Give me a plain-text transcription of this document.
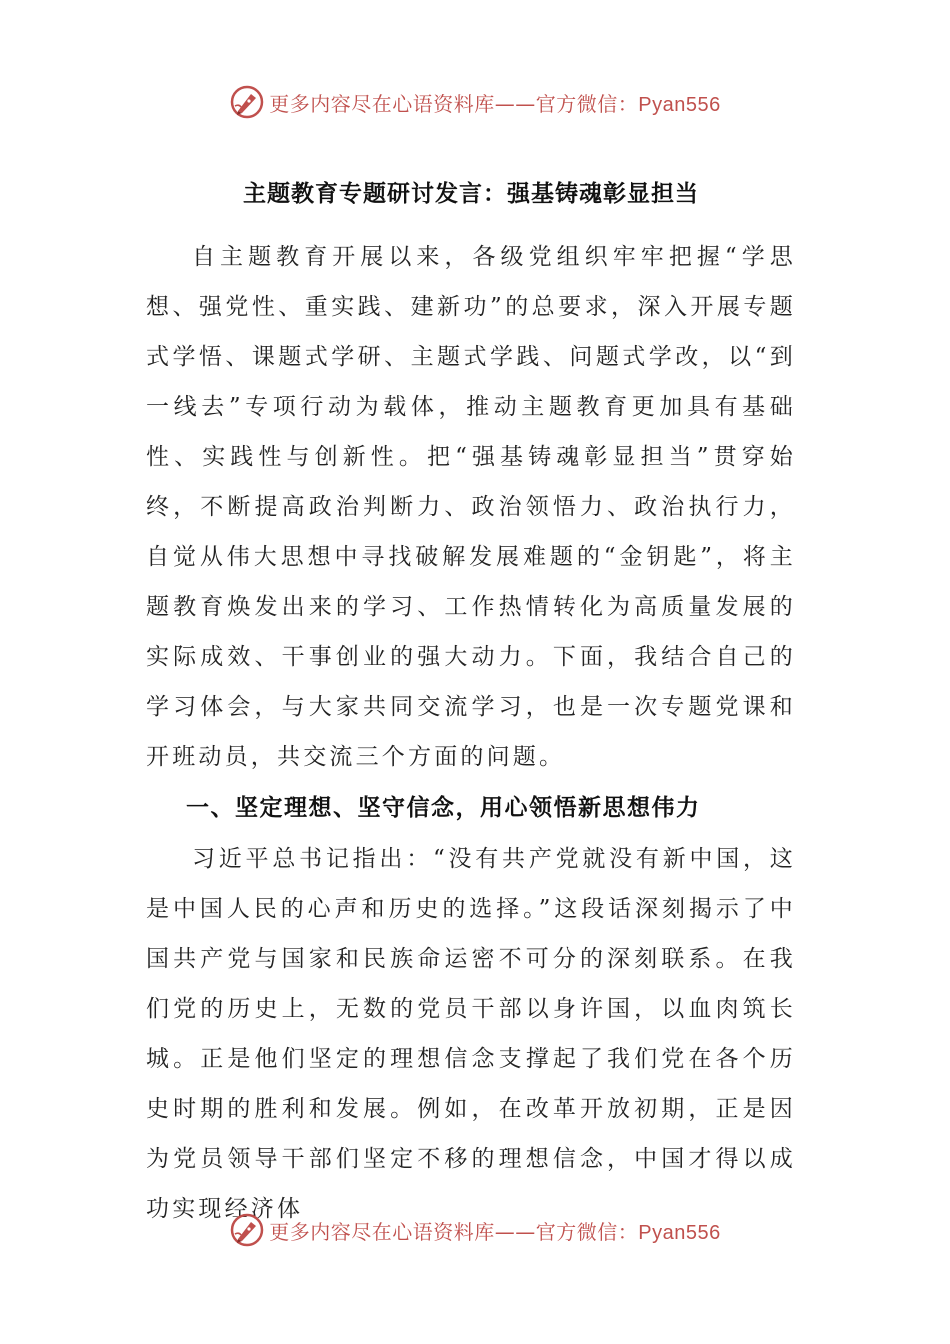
更多内容尽在心语资料库——官方微信：Pyan556
主题教育专题研讨发言：强基铸魂彰显担当

自主题教育开展以来，各级党组织牢牢把握“学思想、强党性、重实践、建新功”的总要求，深入开展专题式学悟、课题式学研、主题式学践、问题式学改，以“到一线去”专项行动为载体，推动主题教育更加具有基础性、实践性与创新性。把“强基铸魂彰显担当”贯穿始终，不断提高政治判断力、政治领悟力、政治执行力，自觉从伟大思想中寻找破解发展难题的“金钥匙”，将主题教育焕发出来的学习、工作热情转化为高质量发展的实际成效、干事创业的强大动力。下面，我结合自己的学习体会，与大家共同交流学习，也是一次专题党课和开班动员，共交流三个方面的问题。

一、坚定理想、坚守信念，用心领悟新思想伟力

习近平总书记指出：“没有共产党就没有新中国，这是中国人民的心声和历史的选择。”这段话深刻揭示了中国共产党与国家和民族命运密不可分的深刻联系。在我们党的历史上，无数的党员干部以身许国，以血肉筑长城。正是他们坚定的理想信念支撑起了我们党在各个历史时期的胜利和发展。例如，在改革开放初期，正是因为党员领导干部们坚定不移的理想信念，中国才得以成功实现经济体

更多内容尽在心语资料库——官方微信：Pyan556
